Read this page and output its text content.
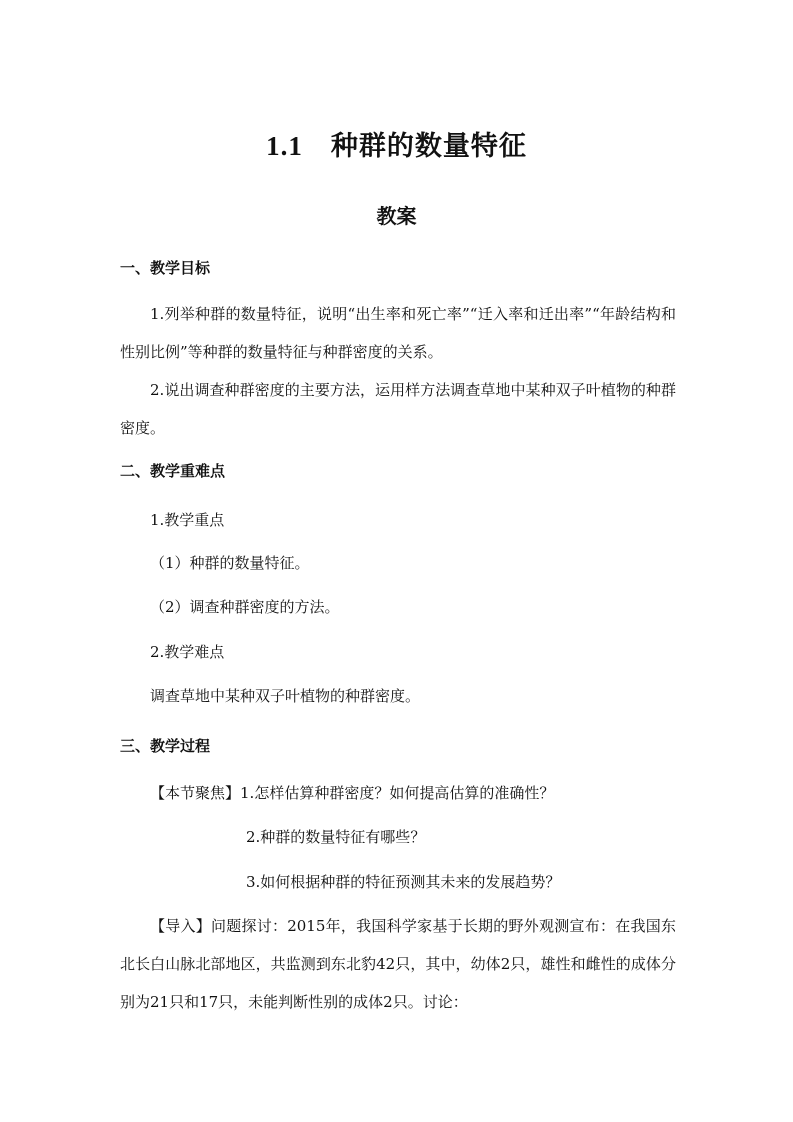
1.1 种群的数量特征
教案
一、教学目标
1.列举种群的数量特征，说明“出生率和死亡率”“迁入率和迁出率”“年龄结构和性别比例”等种群的数量特征与种群密度的关系。
2.说出调查种群密度的主要方法，运用样方法调查草地中某种双子叶植物的种群密度。
二、教学重难点
1.教学重点
（1）种群的数量特征。
（2）调查种群密度的方法。
2.教学难点
调查草地中某种双子叶植物的种群密度。
三、教学过程
【本节聚焦】1.怎样估算种群密度？如何提高估算的准确性？
2.种群的数量特征有哪些？
3.如何根据种群的特征预测其未来的发展趋势？
【导入】问题探讨：2015年，我国科学家基于长期的野外观测宣布：在我国东北长白山脉北部地区，共监测到东北豹42只，其中，幼体2只，雄性和雌性的成体分别为21只和17只，未能判断性别的成体2只。讨论：
